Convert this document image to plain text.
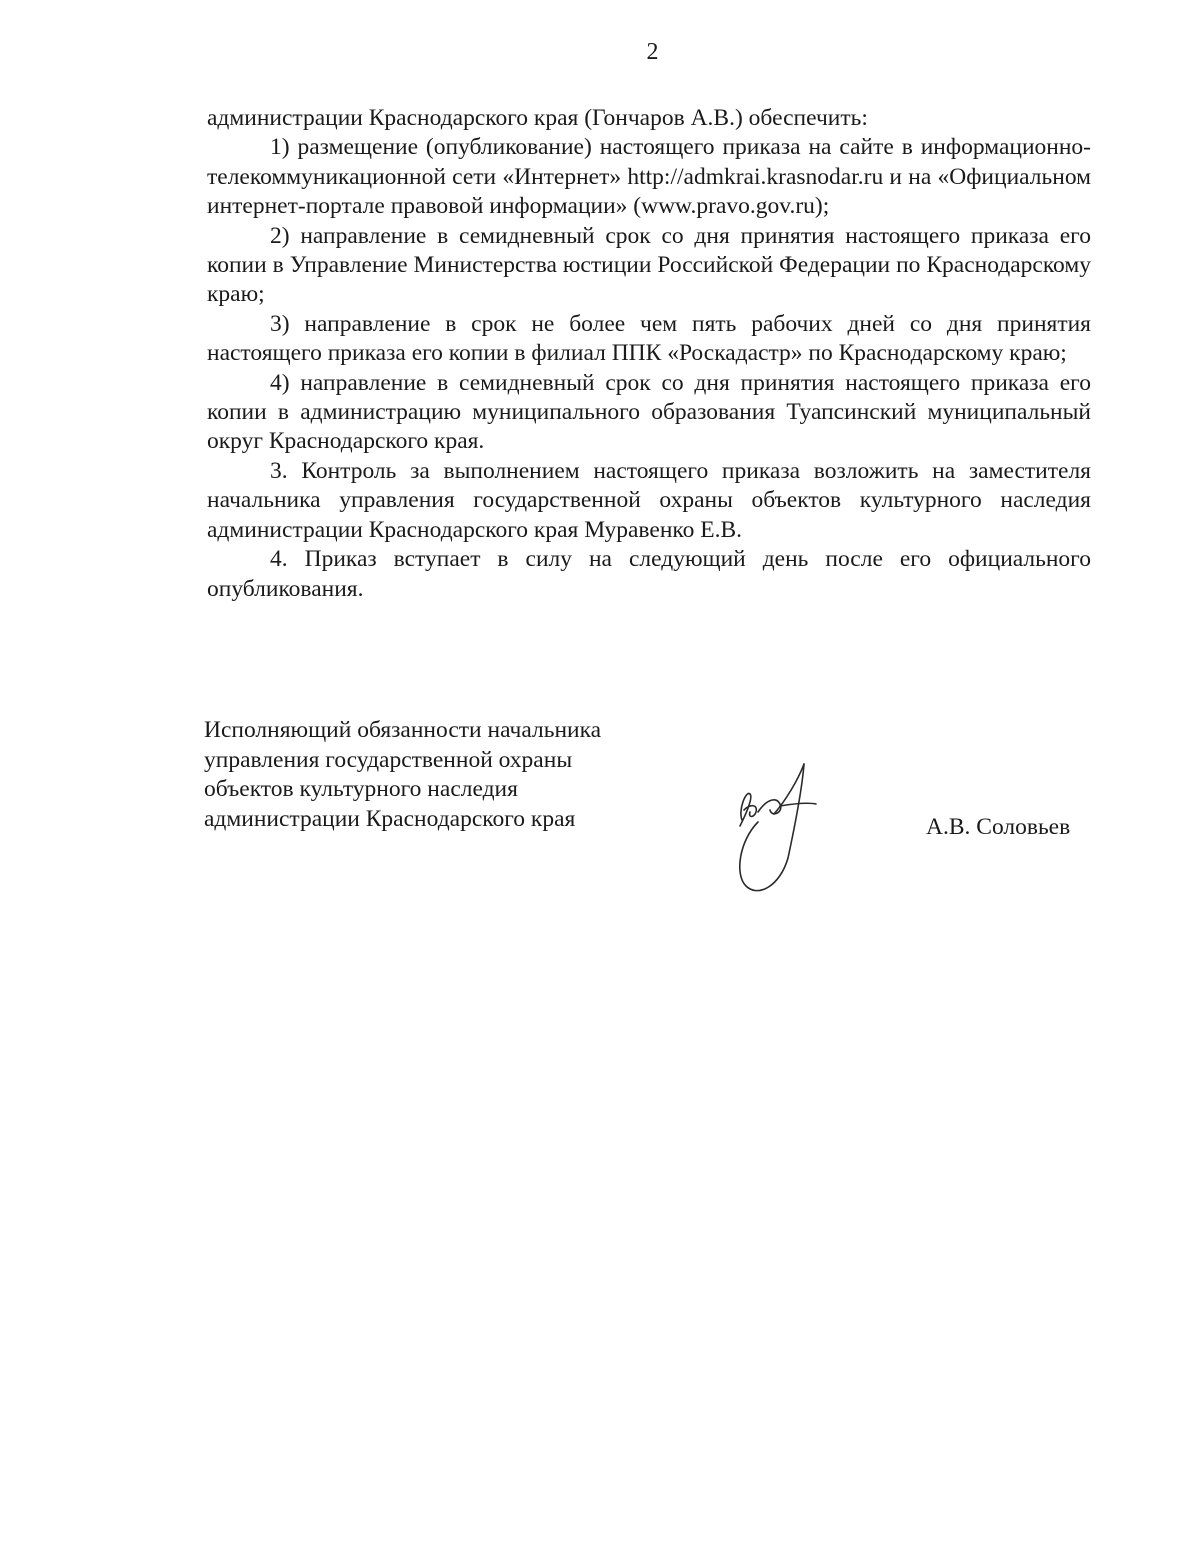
2

администрации Краснодарского края (Гончаров А.В.) обеспечить:

1) размещение (опубликование) настоящего приказа на сайте в информационно-телекоммуникационной сети «Интернет» http://admkrai.krasnodar.ru и на «Официальном интернет-портале правовой информации» (www.pravo.gov.ru);

2) направление в семидневный срок со дня принятия настоящего приказа его копии в Управление Министерства юстиции Российской Федерации по Краснодарскому краю;

3) направление в срок не более чем пять рабочих дней со дня принятия настоящего приказа его копии в филиал ППК «Роскадастр» по Краснодарскому краю;

4) направление в семидневный срок со дня принятия настоящего приказа его копии в администрацию муниципального образования Туапсинский муниципальный округ Краснодарского края.

3. Контроль за выполнением настоящего приказа возложить на заместителя начальника управления государственной охраны объектов культурного наследия администрации Краснодарского края Муравенко Е.В.

4. Приказ вступает в силу на следующий день после его официального опубликования.

Исполняющий обязанности начальника
управления государственной охраны
объектов культурного наследия
администрации Краснодарского края	А.В. Соловьев
